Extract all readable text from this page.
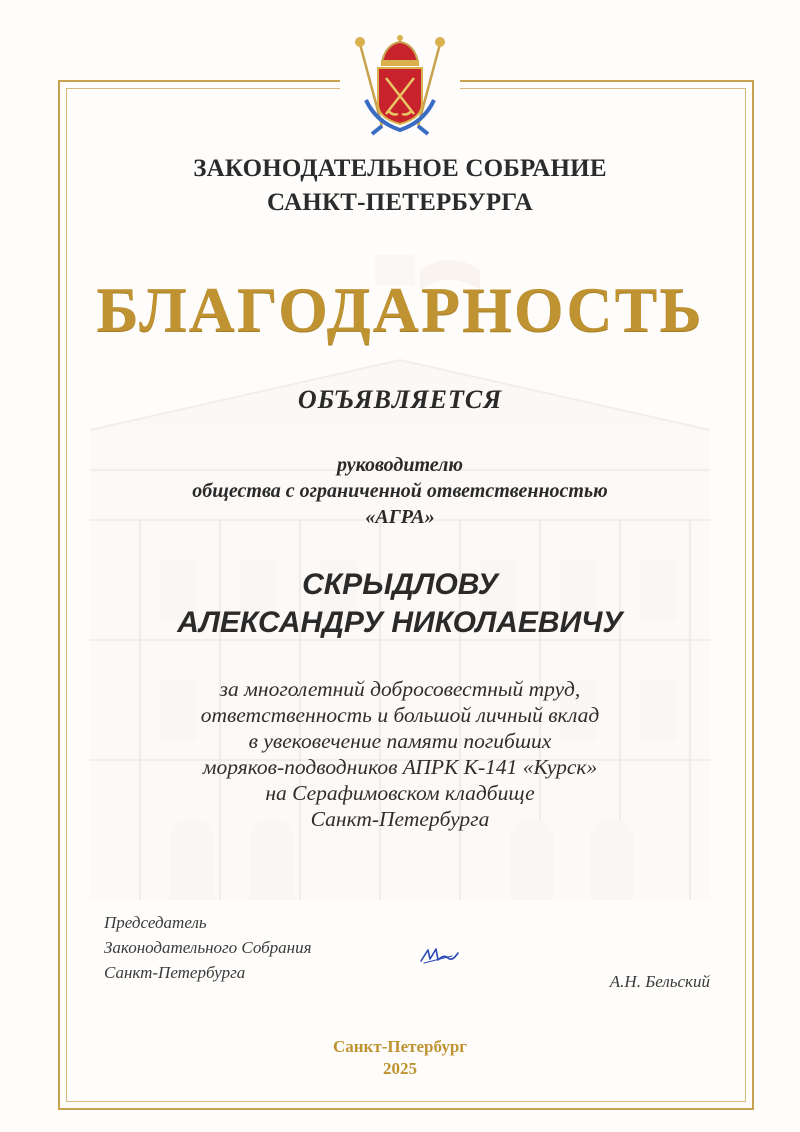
ЗАКОНОДАТЕЛЬНОЕ СОБРАНИЕ
САНКТ-ПЕТЕРБУРГА
БЛАГОДАРНОСТЬ
ОБЪЯВЛЯЕТСЯ
руководителю
общества с ограниченной ответственностью
«АГРА»
СКРЫДЛОВУ
АЛЕКСАНДРУ НИКОЛАЕВИЧУ
за многолетний добросовестный труд,
ответственность и большой личный вклад
в увековечение памяти погибших
моряков-подводников АПРК К-141 «Курск»
на Серафимовском кладбище
Санкт-Петербурга
Председатель
Законодательного Собрания
Санкт-Петербурга	А.Н. Бельский
Санкт-Петербург
2025
